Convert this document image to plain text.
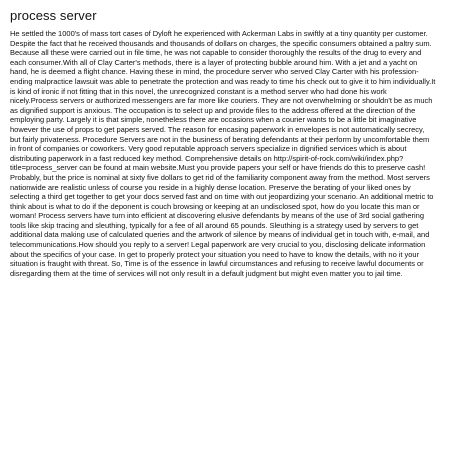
process server

He settled the 1000's of mass tort cases of Dyloft he experienced with Ackerman Labs in swiftly at a tiny quantity per customer. Despite the fact that he received thousands and thousands of dollars on charges, the specific consumers obtained a paltry sum. Because all these were carried out in file time, he was not capable to consider thoroughly the results of the drug to every and each consumer.With all of Clay Carter's methods, there is a layer of protecting bubble around him. With a jet and a yacht on hand, he is deemed a flight chance. Having these in mind, the procedure server who served Clay Carter with his profession-ending malpractice lawsuit was able to penetrate the protection and was ready to time his check out to give it to him individually.It is kind of ironic if not fitting that in this novel, the unrecognized constant is a method server who had done his work nicely.Process servers or authorized messengers are far more like couriers. They are not overwhelming or shouldn't be as much as dignified support is anxious. The occupation is to select up and provide files to the address offered at the direction of the employing party. Largely it is that simple, nonetheless there are occasions when a courier wants to be a little bit imaginative however the use of props to get papers served. The reason for encasing paperwork in envelopes is not automatically secrecy, but fairly privateness. Procedure Servers are not in the business of berating defendants at their perform by uncomfortable them in front of companies or coworkers. Very good reputable approach servers specialize in dignified services which is about distributing paperwork in a fast reduced key method. Comprehensive details on http://spirit-of-rock.com/wiki/index.php?title=process_server can be found at main website.Must you provide papers your self or have friends do this to preserve cash! Probably, but the price is nominal at sixty five dollars to get rid of the familiarity component away from the method. Most servers nationwide are realistic unless of course you reside in a highly dense location. Preserve the berating of your liked ones by selecting a third get together to get your docs served fast and on time with out jeopardizing your scenario. An additional metric to think about is what to do if the deponent is couch browsing or keeping at an undisclosed spot, how do you locate this man or woman! Process servers have turn into efficient at discovering elusive defendants by means of the use of 3rd social gathering tools like skip tracing and sleuthing, typically for a fee of all around 65 pounds. Sleuthing is a strategy used by servers to get additional data making use of calculated queries and the artwork of silence by means of individual get in touch with, e-mail, and telecommunications.How should you reply to a server! Legal paperwork are very crucial to you, disclosing delicate information about the specifics of your case. In get to properly protect your situation you need to have to know the details, with no it your situation is fraught with threat. So, Time is of the essence in lawful circumstances and refusing to receive lawful documents or disregarding them at the time of services will not only result in a default judgment but might even matter you to jail time.
